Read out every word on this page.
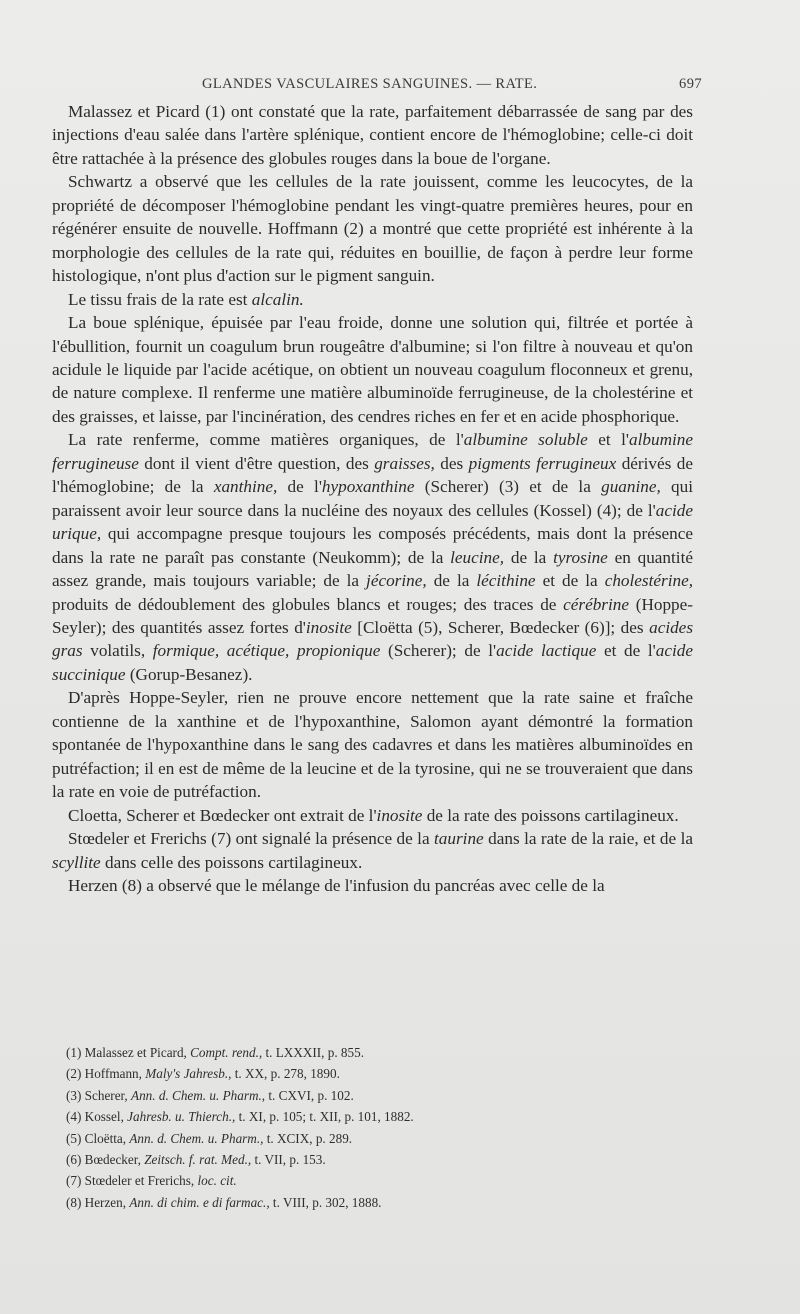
GLANDES VASCULAIRES SANGUINES. — RATE.	697

Malassez et Picard (1) ont constaté que la rate, parfaitement débarrassée de sang par des injections d'eau salée dans l'artère splénique, contient encore de l'hémoglobine; celle-ci doit être rattachée à la présence des globules rouges dans la boue de l'organe.

Schwartz a observé que les cellules de la rate jouissent, comme les leucocytes, de la propriété de décomposer l'hémoglobine pendant les vingt-quatre premières heures, pour en régénérer ensuite de nouvelle. Hoffmann (2) a montré que cette propriété est inhérente à la morphologie des cellules de la rate qui, réduites en bouillie, de façon à perdre leur forme histologique, n'ont plus d'action sur le pigment sanguin.

Le tissu frais de la rate est alcalin.

La boue splénique, épuisée par l'eau froide, donne une solution qui, filtrée et portée à l'ébullition, fournit un coagulum brun rougeâtre d'albumine; si l'on filtre à nouveau et qu'on acidule le liquide par l'acide acétique, on obtient un nouveau coagulum floconneux et grenu, de nature complexe. Il renferme une matière albuminoïde ferrugineuse, de la cholestérine et des graisses, et laisse, par l'incinération, des cendres riches en fer et en acide phosphorique.

La rate renferme, comme matières organiques, de l'albumine soluble et l'albumine ferrugineuse dont il vient d'être question, des graisses, des pigments ferrugineux dérivés de l'hémoglobine; de la xanthine, de l'hypoxanthine (Scherer) (3) et de la guanine, qui paraissent avoir leur source dans la nucléine des noyaux des cellules (Kossel) (4); de l'acide urique, qui accompagne presque toujours les composés précédents, mais dont la présence dans la rate ne paraît pas constante (Neukomm); de la leucine, de la tyrosine en quantité assez grande, mais toujours variable; de la jécorine, de la lécithine et de la cholestérine, produits de dédoublement des globules blancs et rouges; des traces de cérébrine (Hoppe-Seyler); des quantités assez fortes d'inosite [Cloëtta (5), Scherer, Bœdecker (6)]; des acides gras volatils, formique, acétique, propionique (Scherer); de l'acide lactique et de l'acide succinique (Gorup-Besanez).

D'après Hoppe-Seyler, rien ne prouve encore nettement que la rate saine et fraîche contienne de la xanthine et de l'hypoxanthine, Salomon ayant démontré la formation spontanée de l'hypoxanthine dans le sang des cadavres et dans les matières albuminoïdes en putréfaction; il en est de même de la leucine et de la tyrosine, qui ne se trouveraient que dans la rate en voie de putréfaction.

Cloetta, Scherer et Bœdecker ont extrait de l'inosite de la rate des poissons cartilagineux.

Stœdeler et Frerichs (7) ont signalé la présence de la taurine dans la rate de la raie, et de la scyllite dans celle des poissons cartilagineux.

Herzen (8) a observé que le mélange de l'infusion du pancréas avec celle de la

(1) Malassez et Picard, Compt. rend., t. LXXXII, p. 855.
(2) Hoffmann, Maly's Jahresb., t. XX, p. 278, 1890.
(3) Scherer, Ann. d. Chem. u. Pharm., t. CXVI, p. 102.
(4) Kossel, Jahresb. u. Thierch., t. XI, p. 105; t. XII, p. 101, 1882.
(5) Cloëtta, Ann. d. Chem. u. Pharm., t. XCIX, p. 289.
(6) Bœdecker, Zeitsch. f. rat. Med., t. VII, p. 153.
(7) Stœdeler et Frerichs, loc. cit.
(8) Herzen, Ann. di chim. e di farmac., t. VIII, p. 302, 1888.
